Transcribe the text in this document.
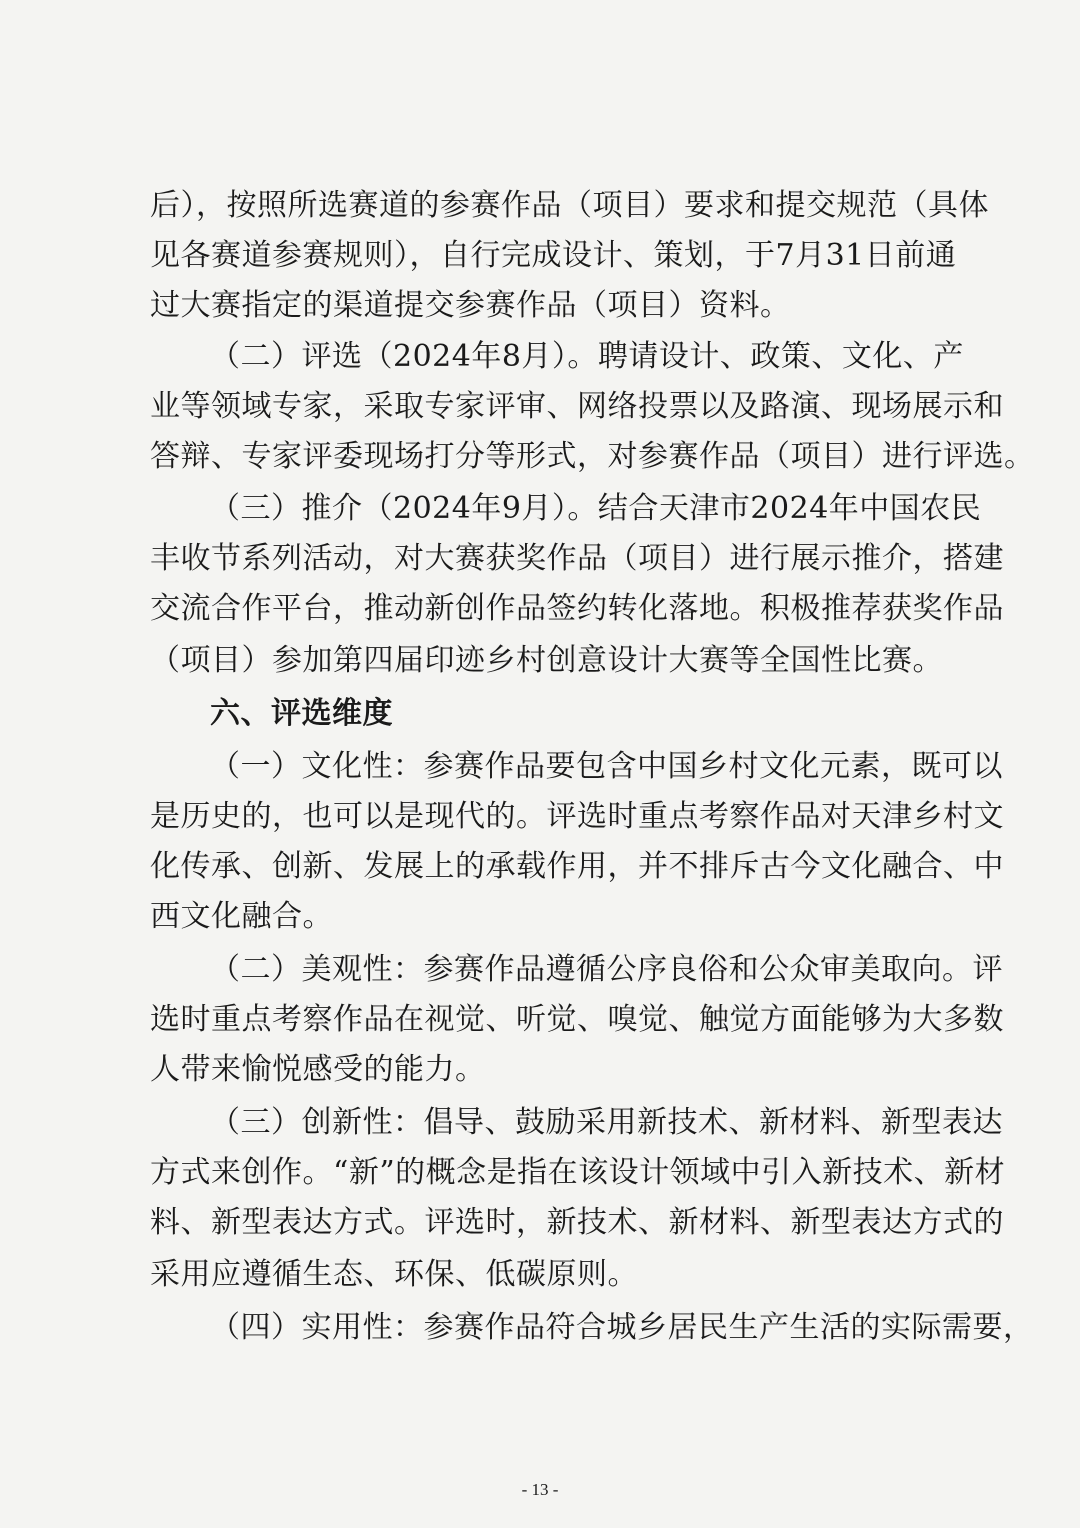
后），按照所选赛道的参赛作品（项目）要求和提交规范（具体
见各赛道参赛规则），自行完成设计、策划，于7月31日前通
过大赛指定的渠道提交参赛作品（项目）资料。
（二）评选（2024年8月）。聘请设计、政策、文化、产
业等领域专家，采取专家评审、网络投票以及路演、现场展示和
答辩、专家评委现场打分等形式，对参赛作品（项目）进行评选。
（三）推介（2024年9月）。结合天津市2024年中国农民
丰收节系列活动，对大赛获奖作品（项目）进行展示推介，搭建
交流合作平台，推动新创作品签约转化落地。积极推荐获奖作品
（项目）参加第四届印迹乡村创意设计大赛等全国性比赛。
六、评选维度
（一）文化性：参赛作品要包含中国乡村文化元素，既可以
是历史的，也可以是现代的。评选时重点考察作品对天津乡村文
化传承、创新、发展上的承载作用，并不排斥古今文化融合、中
西文化融合。
（二）美观性：参赛作品遵循公序良俗和公众审美取向。评
选时重点考察作品在视觉、听觉、嗅觉、触觉方面能够为大多数
人带来愉悦感受的能力。
（三）创新性：倡导、鼓励采用新技术、新材料、新型表达
方式来创作。“新”的概念是指在该设计领域中引入新技术、新材
料、新型表达方式。评选时，新技术、新材料、新型表达方式的
采用应遵循生态、环保、低碳原则。
（四）实用性：参赛作品符合城乡居民生产生活的实际需要，
- 13 -
